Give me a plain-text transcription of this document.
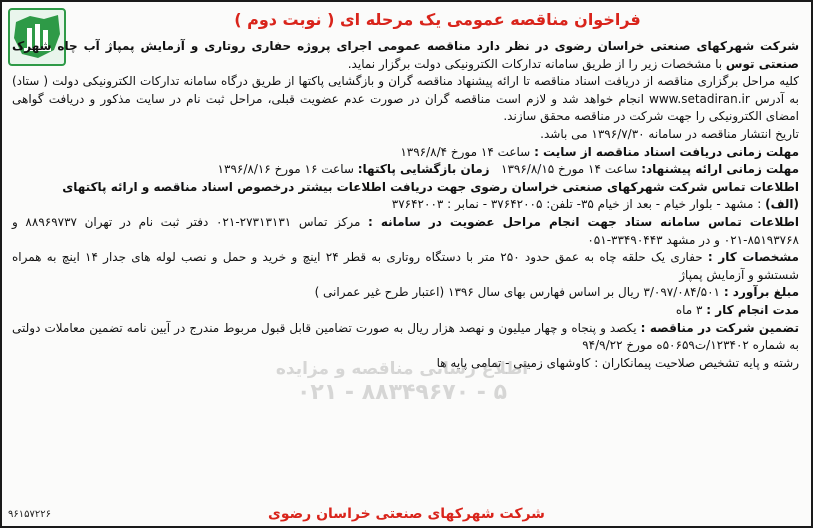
فراخوان مناقصه عمومی یک مرحله ای ( نوبت دوم )

شرکت شهرکهای صنعتی خراسان رضوی در نظر دارد مناقصه عمومی اجرای پروژه حفاری روتاری و آزمایش پمپاژ آب چاه شهرک صنعتی توس با مشخصات زیر را از طریق سامانه تدارکات الکترونیکی دولت برگزار نماید.

کلیه مراحل برگزاری مناقصه از دریافت اسناد مناقصه تا ارائه پیشنهاد مناقصه گران و بازگشایی پاکتها از طریق درگاه سامانه تدارکات الکترونیکی دولت ( ستاد) به آدرس www.setadiran.ir انجام خواهد شد و لازم است مناقصه گران در صورت عدم عضویت قبلی، مراحل ثبت نام در سایت مذکور و دریافت گواهی امضای الکترونیکی را جهت شرکت در مناقصه محقق سازند.

تاریخ انتشار مناقصه در سامانه ۱۳۹۶/۷/۳۰ می باشد.

مهلت زمانی دریافت اسناد مناقصه از سایت : ساعت ۱۴ مورخ ۱۳۹۶/۸/۴

مهلت زمانی ارائه پیشنهاد: ساعت ۱۴ مورخ ۱۳۹۶/۸/۱۵   زمان بازگشایی پاکتها: ساعت ۱۶ مورخ ۱۳۹۶/۸/۱۶

اطلاعات تماس شرکت شهرکهای صنعتی خراسان رضوی جهت دریافت اطلاعات بیشتر درخصوص اسناد مناقصه و ارائه پاکتهای

(الف) : مشهد - بلوار خیام - بعد از خیام ۳۵- تلفن: ۳۷۶۴۲۰۰۵ - نمابر : ۳۷۶۴۲۰۰۳

اطلاعات تماس سامانه ستاد جهت انجام مراحل عضویت در سامانه : مرکز تماس ۲۷۳۱۳۱۳۱-۰۲۱ دفتر ثبت نام در تهران ۸۸۹۶۹۷۳۷ و ۸۵۱۹۳۷۶۸-۰۲۱ و در مشهد ۳۳۴۹۰۴۴۳-۰۵۱

مشخصات کار : حفاری یک حلقه چاه به عمق حدود ۲۵۰ متر با دستگاه روتاری به قطر ۲۴ اینچ و خرید و حمل و نصب لوله های جدار ۱۴ اینچ به همراه شستشو و آزمایش پمپاژ

مبلغ برآورد : ۳/۰۹۷/۰۸۴/۵۰۱ ریال بر اساس فهارس بهای سال ۱۳۹۶ (اعتبار طرح غیر عمرانی )

مدت انجام کار : ۳ ماه

تضمین شرکت در مناقصه : یکصد و پنجاه و چهار میلیون و نهصد هزار ریال به صورت تضامین قابل قبول مربوط مندرج در آیین نامه تضمین معاملات دولتی به شماره ۱۲۳۴۰۲/ت۵۰۶۵۹ه مورخ ۹۴/۹/۲۲

رشته و پایه تشخیص صلاحیت پیمانکاران : کاوشهای زمینی - تمامی پایه ها

اطلاع رسانی مناقصه و مزایده
۰۲۱ - ۸۸۳۴۹۶۷۰ - ۵
شرکت شهرکهای صنعتی خراسان رضوی
۹۶۱۵۷۲۲۶
